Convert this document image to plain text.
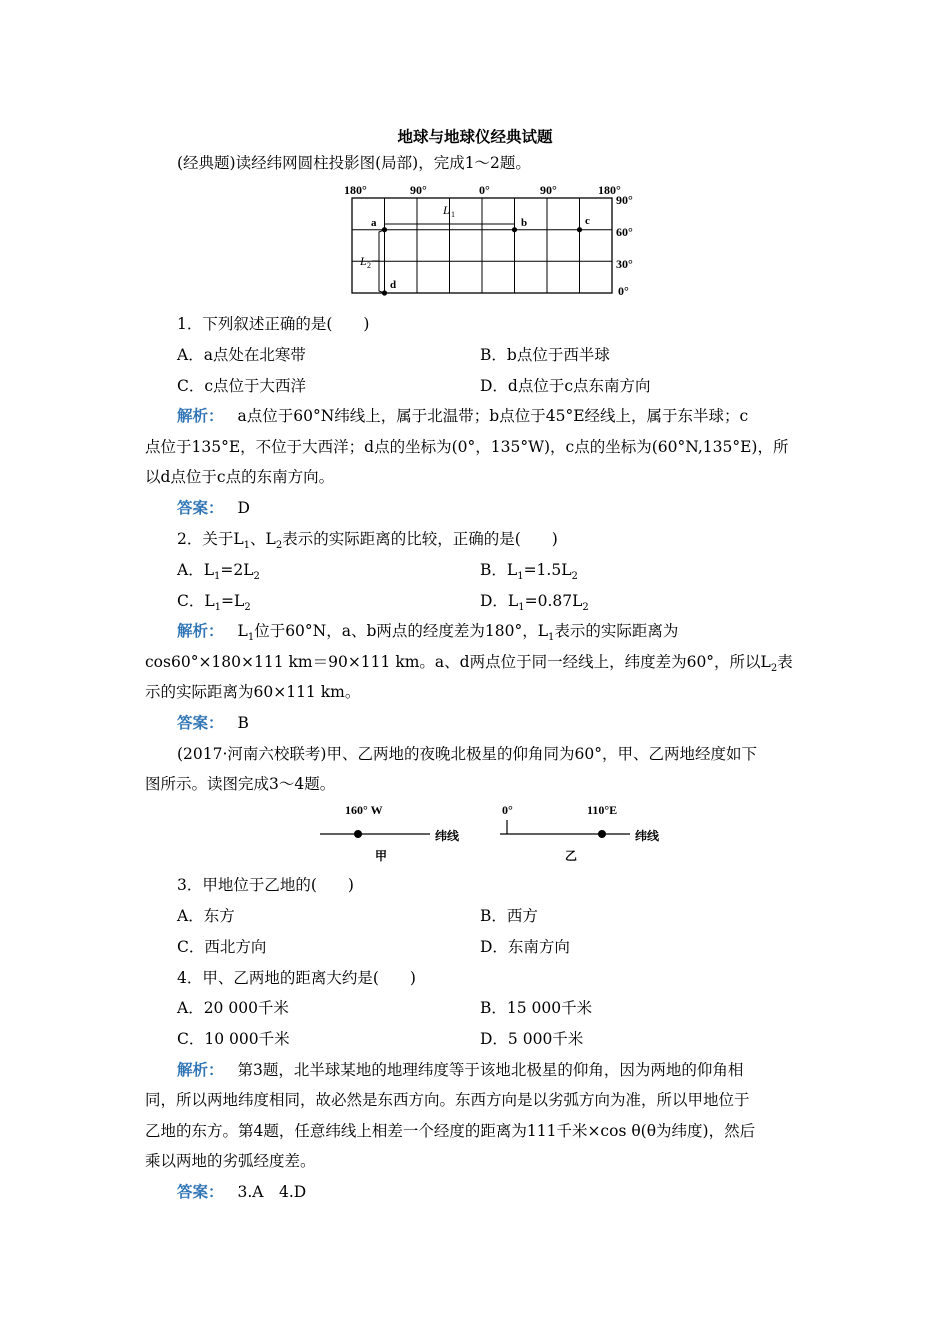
地球与地球仪经典试题
(经典题)读经纬网圆柱投影图(局部)，完成1～2题。
180°	90°	0°	90°	180°
90°
60°
30°
0°
L 1
L 2
a	b	c
d
1．下列叙述正确的是(　　)
A．a点处在北寒带	B．b点位于西半球
C．c点位于大西洋	D．d点位于c点东南方向
解析： a点位于60°N纬线上，属于北温带；b点位于45°E经线上，属于东半球；c
点位于135°E，不位于大西洋；d点的坐标为(0°，135°W)，c点的坐标为(60°N,135°E)，所
以d点位于c点的东南方向。
答案： D
2．关于$L_1$、$L_2$表示的实际距离的比较，正确的是(　　)
A．$L_1=2L_2$	B．$L_1=1.5L_2$
C．$L_1=L_2$	D．$L_1=0.87L_2$
解析： $L_1$位于60°N，a、b两点的经度差为180°，$L_1$表示的实际距离为
cos60°×180×111 km＝90×111 km。a、d两点位于同一经线上，纬度差为60°，所以$L_2$表
示的实际距离为60×111 km。
答案： B
(2017·河南六校联考)甲、乙两地的夜晚北极星的仰角同为60°，甲、乙两地经度如下
图所示。读图完成3～4题。
160° W
纬线
甲
0°	110°E
纬线
乙
3．甲地位于乙地的(　　)
A．东方	B．西方
C．西北方向	D．东南方向
4．甲、乙两地的距离大约是(　　)
A．20 000千米	B．15 000千米
C．10 000千米	D．5 000千米
解析： 第3题，北半球某地的地理纬度等于该地北极星的仰角，因为两地的仰角相
同，所以两地纬度相同，故必然是东西方向。东西方向是以劣弧方向为准，所以甲地位于
乙地的东方。第4题，任意纬线上相差一个经度的距离为111千米×cos θ(θ为纬度)，然后
乘以两地的劣弧经度差。
答案： 3.A　4.D
